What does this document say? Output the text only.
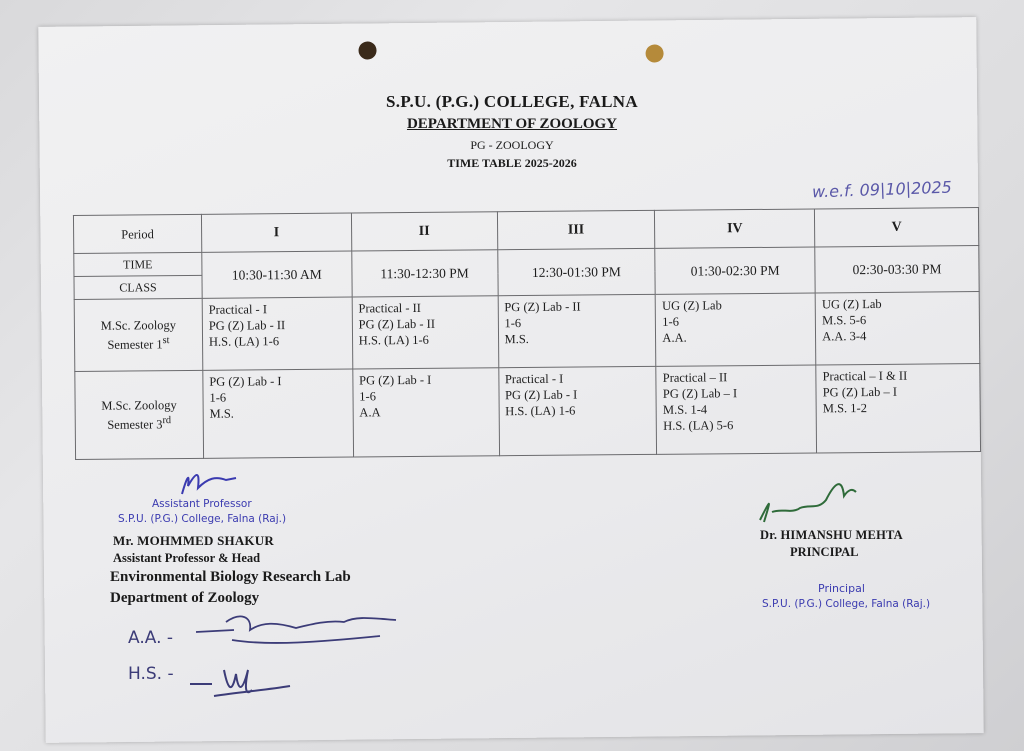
S.P.U. (P.G.) COLLEGE, FALNA
DEPARTMENT OF ZOOLOGY
PG - ZOOLOGY
TIME TABLE 2025-2026
w.e.f. 09|10|2025
Period	I	II	III	IV	V
TIME	10:30-11:30 AM	11:30-12:30 PM	12:30-01:30 PM	01:30-02:30 PM	02:30-03:30 PM
CLASS					
M.Sc. Zoology
Semester 1st	Practical - I
PG (Z) Lab - II
H.S. (LA) 1-6	Practical - II
PG (Z) Lab - II
H.S. (LA) 1-6	PG (Z) Lab - II
1-6
M.S.	UG (Z) Lab
1-6
A.A.	UG (Z) Lab
M.S. 5-6
A.A. 3-4
M.Sc. Zoology
Semester 3rd	PG (Z) Lab - I
1-6
M.S.	PG (Z) Lab - I
1-6
A.A	Practical - I
PG (Z) Lab - I
H.S. (LA) 1-6	Practical – II
PG (Z) Lab – I
M.S. 1-4
H.S. (LA) 5-6	Practical – I & II
PG (Z) Lab – I
M.S. 1-2
Assistant Professor
S.P.U. (P.G.) College, Falna (Raj.)
Mr. MOHMMED SHAKUR
Assistant Professor & Head
Environmental Biology Research Lab
Department of Zoology
A.A. -
H.S. -
Dr. HIMANSHU MEHTA
PRINCIPAL
Principal
S.P.U. (P.G.) College, Falna (Raj.)
